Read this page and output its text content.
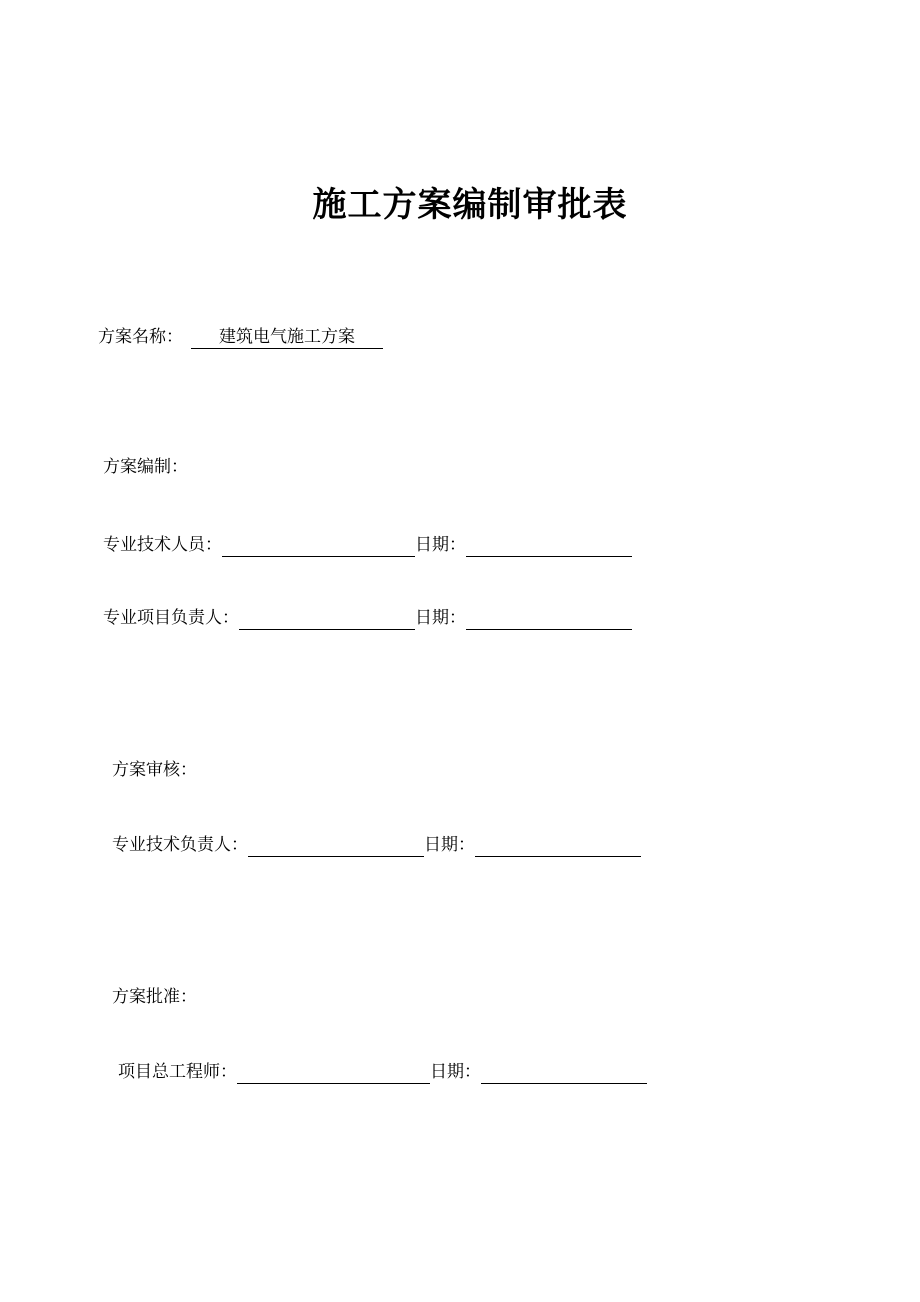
施工方案编制审批表
方案名称：	建筑电气施工方案
方案编制：
专业技术人员：	日期：
专业项目负责人：	日期：
方案审核：
专业技术负责人：	日期：
方案批准：
项目总工程师：	日期：
